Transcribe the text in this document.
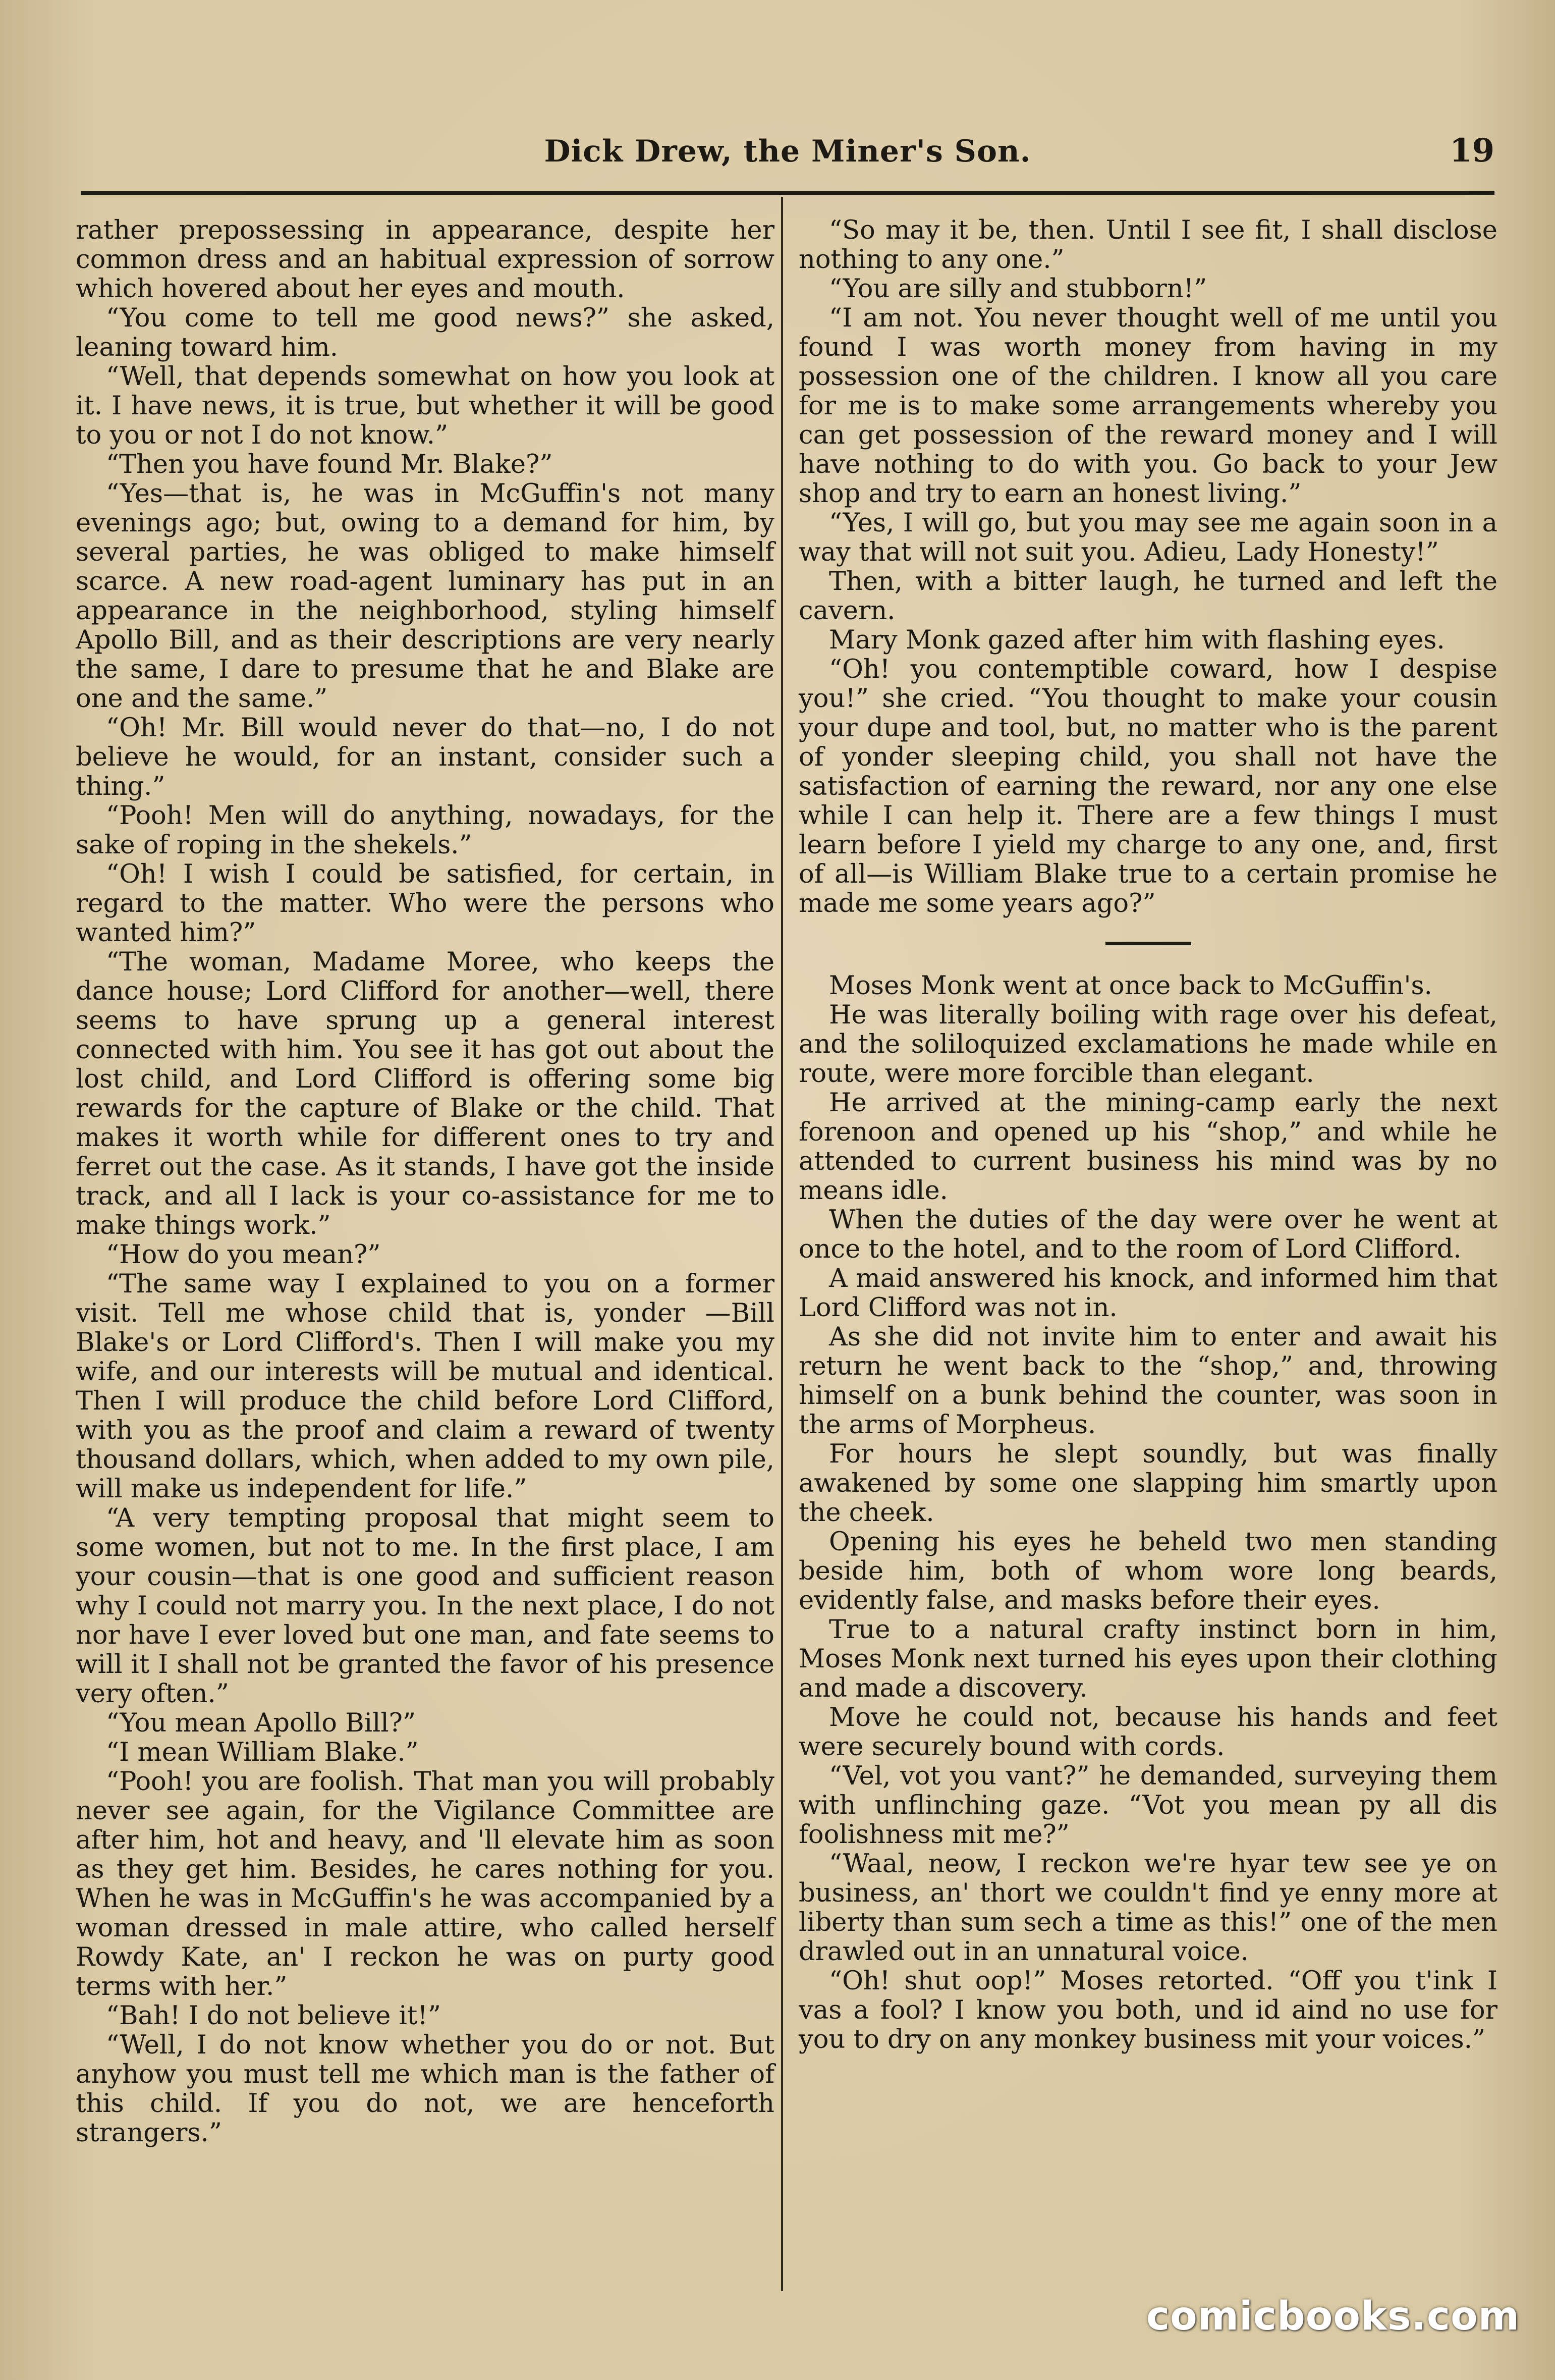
Dick Drew, the Miner's Son.	19

rather prepossessing in appearance, despite her common dress and an habitual expression of sorrow which hovered about her eyes and mouth.

“You come to tell me good news?” she asked, leaning toward him.

“Well, that depends somewhat on how you look at it. I have news, it is true, but whether it will be good to you or not I do not know.”

“Then you have found Mr. Blake?”

“Yes—that is, he was in McGuffin's not many evenings ago; but, owing to a demand for him, by several parties, he was obliged to make himself scarce. A new road-agent luminary has put in an appearance in the neighborhood, styling himself Apollo Bill, and as their descriptions are very nearly the same, I dare to presume that he and Blake are one and the same.”

“Oh! Mr. Bill would never do that—no, I do not believe he would, for an instant, consider such a thing.”

“Pooh! Men will do anything, nowadays, for the sake of roping in the shekels.”

“Oh! I wish I could be satisfied, for certain, in regard to the matter. Who were the persons who wanted him?”

“The woman, Madame Moree, who keeps the dance house; Lord Clifford for another—well, there seems to have sprung up a general interest connected with him. You see it has got out about the lost child, and Lord Clifford is offering some big rewards for the capture of Blake or the child. That makes it worth while for different ones to try and ferret out the case. As it stands, I have got the inside track, and all I lack is your co-assistance for me to make things work.”

“How do you mean?”

“The same way I explained to you on a former visit. Tell me whose child that is, yonder —Bill Blake's or Lord Clifford's. Then I will make you my wife, and our interests will be mutual and identical. Then I will produce the child before Lord Clifford, with you as the proof and claim a reward of twenty thousand dollars, which, when added to my own pile, will make us independent for life.”

“A very tempting proposal that might seem to some women, but not to me. In the first place, I am your cousin—that is one good and sufficient reason why I could not marry you. In the next place, I do not nor have I ever loved but one man, and fate seems to will it I shall not be granted the favor of his presence very often.”

“You mean Apollo Bill?”

“I mean William Blake.”

“Pooh! you are foolish. That man you will probably never see again, for the Vigilance Committee are after him, hot and heavy, and 'll elevate him as soon as they get him. Besides, he cares nothing for you. When he was in McGuffin's he was accompanied by a woman dressed in male attire, who called herself Rowdy Kate, an' I reckon he was on purty good terms with her.”

“Bah! I do not believe it!”

“Well, I do not know whether you do or not. But anyhow you must tell me which man is the father of this child. If you do not, we are henceforth strangers.”

“So may it be, then. Until I see fit, I shall disclose nothing to any one.”

“You are silly and stubborn!”

“I am not. You never thought well of me until you found I was worth money from having in my possession one of the children. I know all you care for me is to make some arrangements whereby you can get possession of the reward money and I will have nothing to do with you. Go back to your Jew shop and try to earn an honest living.”

“Yes, I will go, but you may see me again soon in a way that will not suit you. Adieu, Lady Honesty!”

Then, with a bitter laugh, he turned and left the cavern.

Mary Monk gazed after him with flashing eyes.

“Oh! you contemptible coward, how I despise you!” she cried. “You thought to make your cousin your dupe and tool, but, no matter who is the parent of yonder sleeping child, you shall not have the satisfaction of earning the reward, nor any one else while I can help it. There are a few things I must learn before I yield my charge to any one, and, first of all—is William Blake true to a certain promise he made me some years ago?”

Moses Monk went at once back to McGuffin's.

He was literally boiling with rage over his defeat, and the soliloquized exclamations he made while en route, were more forcible than elegant.

He arrived at the mining-camp early the next forenoon and opened up his “shop,” and while he attended to current business his mind was by no means idle.

When the duties of the day were over he went at once to the hotel, and to the room of Lord Clifford.

A maid answered his knock, and informed him that Lord Clifford was not in.

As she did not invite him to enter and await his return he went back to the “shop,” and, throwing himself on a bunk behind the counter, was soon in the arms of Morpheus.

For hours he slept soundly, but was finally awakened by some one slapping him smartly upon the cheek.

Opening his eyes he beheld two men standing beside him, both of whom wore long beards, evidently false, and masks before their eyes.

True to a natural crafty instinct born in him, Moses Monk next turned his eyes upon their clothing and made a discovery.

Move he could not, because his hands and feet were securely bound with cords.

“Vel, vot you vant?” he demanded, surveying them with unflinching gaze. “Vot you mean py all dis foolishness mit me?”

“Waal, neow, I reckon we're hyar tew see ye on business, an' thort we couldn't find ye enny more at liberty than sum sech a time as this!” one of the men drawled out in an unnatural voice.

“Oh! shut oop!” Moses retorted. “Off you t'ink I vas a fool? I know you both, und id aind no use for you to dry on any monkey business mit your voices.”

comicbooks.com
